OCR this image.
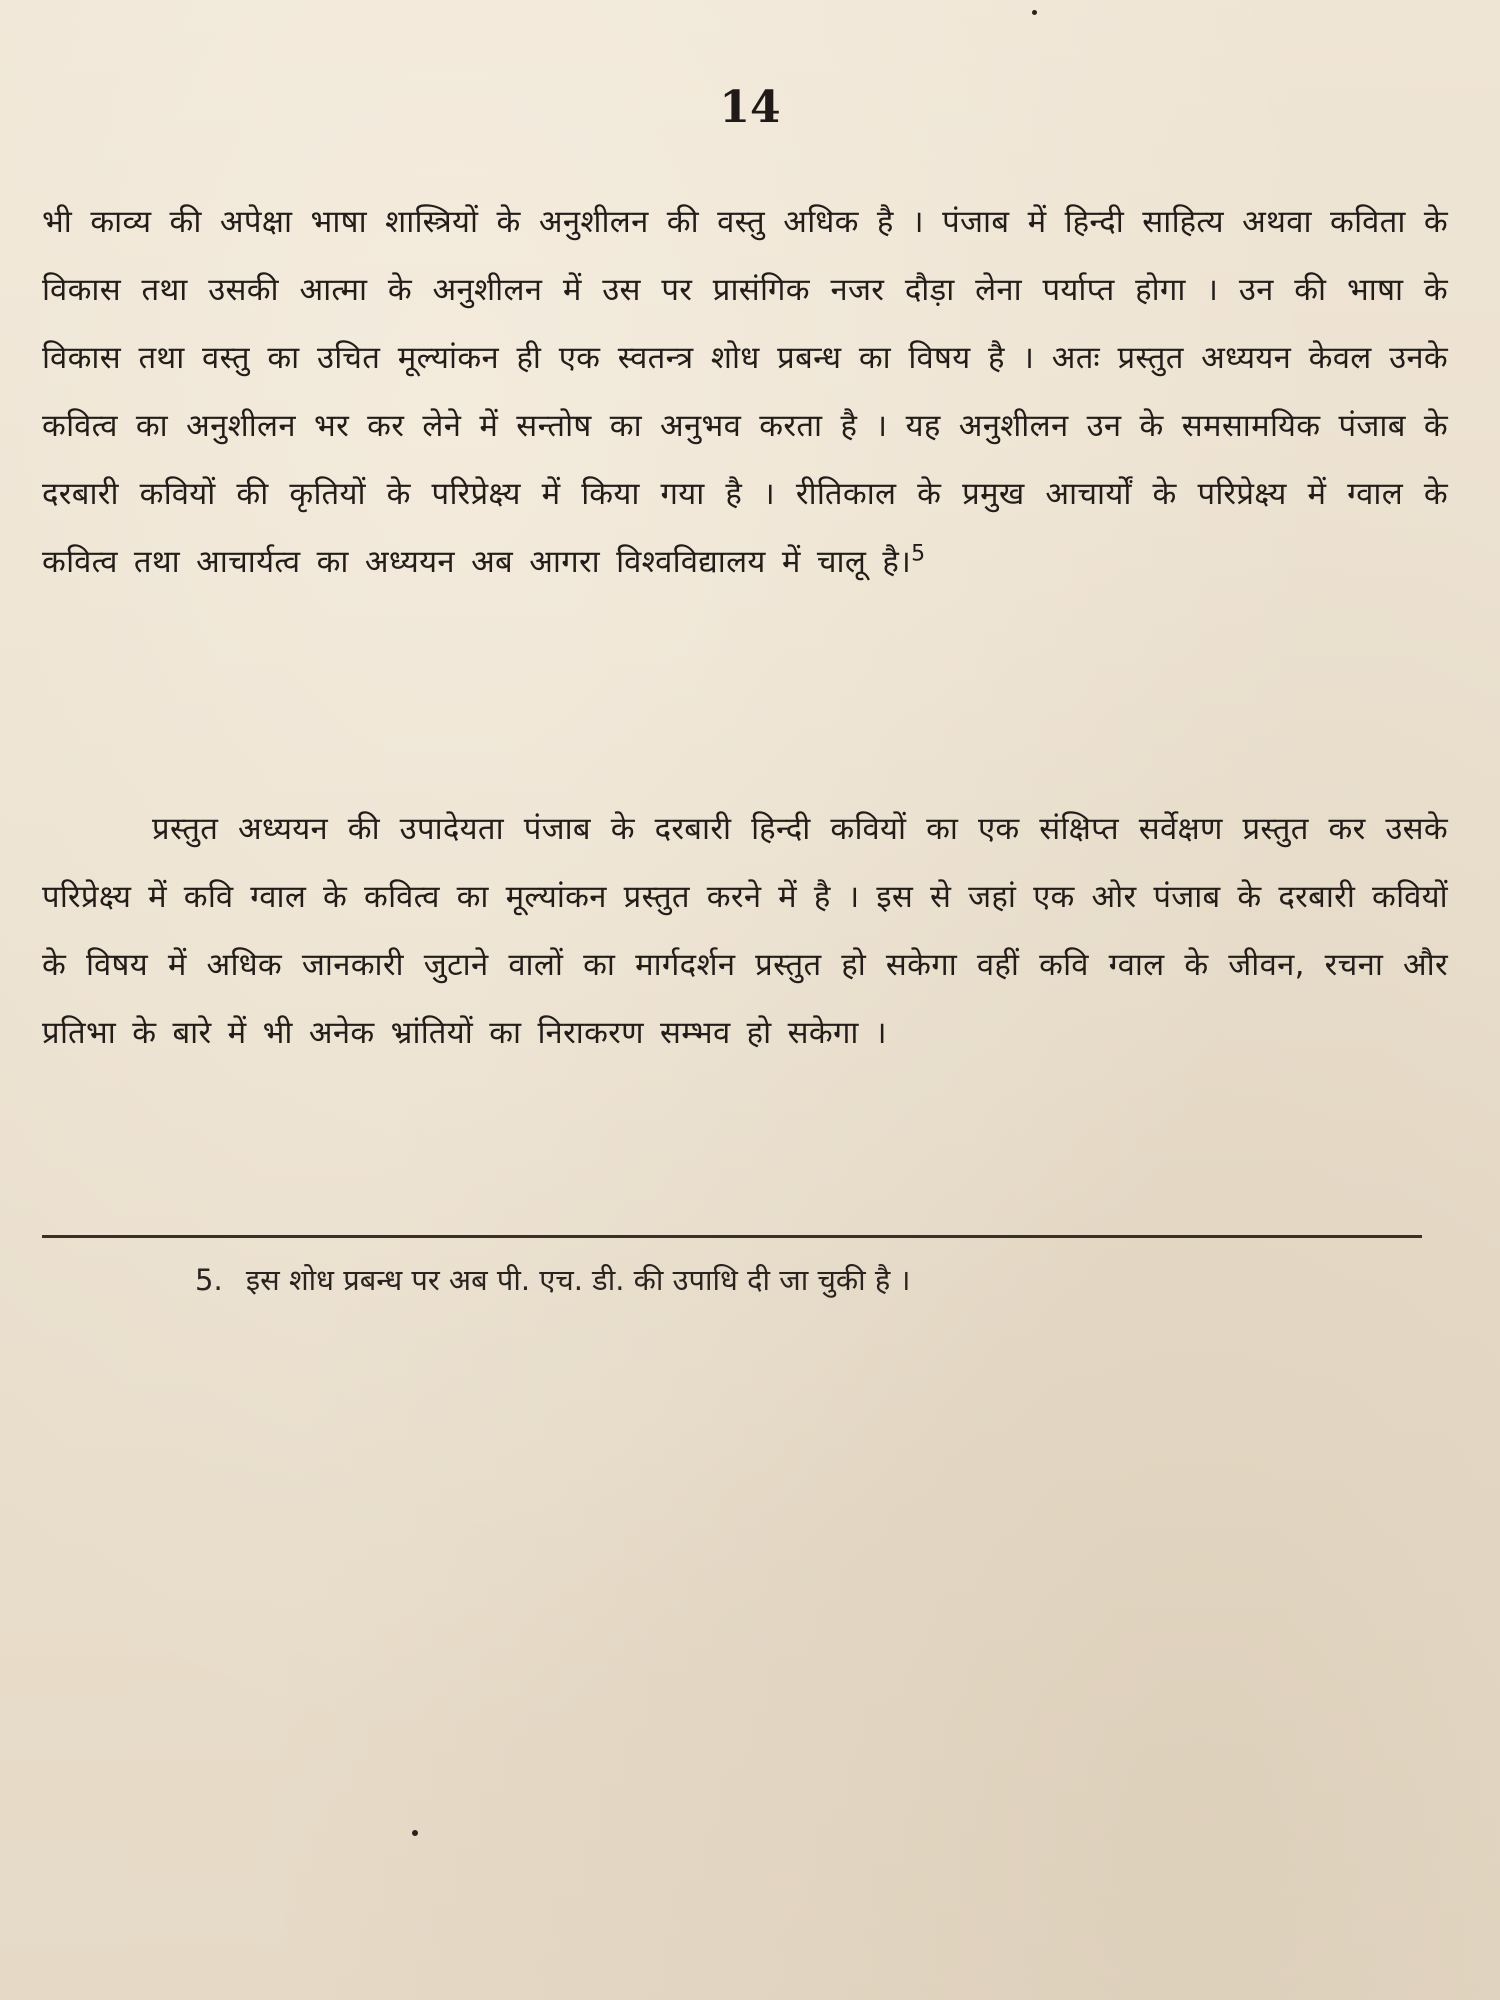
14

भी काव्य की अपेक्षा भाषा शास्त्रियों के अनुशीलन की वस्तु अधिक है । पंजाब में हिन्दी साहित्य अथवा कविता के विकास तथा उसकी आत्मा के अनुशीलन में उस पर प्रासंगिक नजर दौड़ा लेना पर्याप्त होगा । उन की भाषा के विकास तथा वस्तु का उचित मूल्यांकन ही एक स्वतन्त्र शोध प्रबन्ध का विषय है । अतः प्रस्तुत अध्ययन केवल उनके कवित्व का अनुशीलन भर कर लेने में सन्तोष का अनुभव करता है । यह अनुशीलन उन के समसामयिक पंजाब के दरबारी कवियों की कृतियों के परिप्रेक्ष्य में किया गया है । रीतिकाल के प्रमुख आचार्यों के परिप्रेक्ष्य में ग्वाल के कवित्व तथा आचार्यत्व का अध्ययन अब आगरा विश्वविद्यालय में चालू है।$^5$

प्रस्तुत अध्ययन की उपादेयता पंजाब के दरबारी हिन्दी कवियों का एक संक्षिप्त सर्वेक्षण प्रस्तुत कर उसके परिप्रेक्ष्य में कवि ग्वाल के कवित्व का मूल्यांकन प्रस्तुत करने में है । इस से जहां एक ओर पंजाब के दरबारी कवियों के विषय में अधिक जानकारी जुटाने वालों का मार्गदर्शन प्रस्तुत हो सकेगा वहीं कवि ग्वाल के जीवन, रचना और प्रतिभा के बारे में भी अनेक भ्रांतियों का निराकरण सम्भव हो सकेगा ।

5. इस शोध प्रबन्ध पर अब पी. एच. डी. की उपाधि दी जा चुकी है ।
